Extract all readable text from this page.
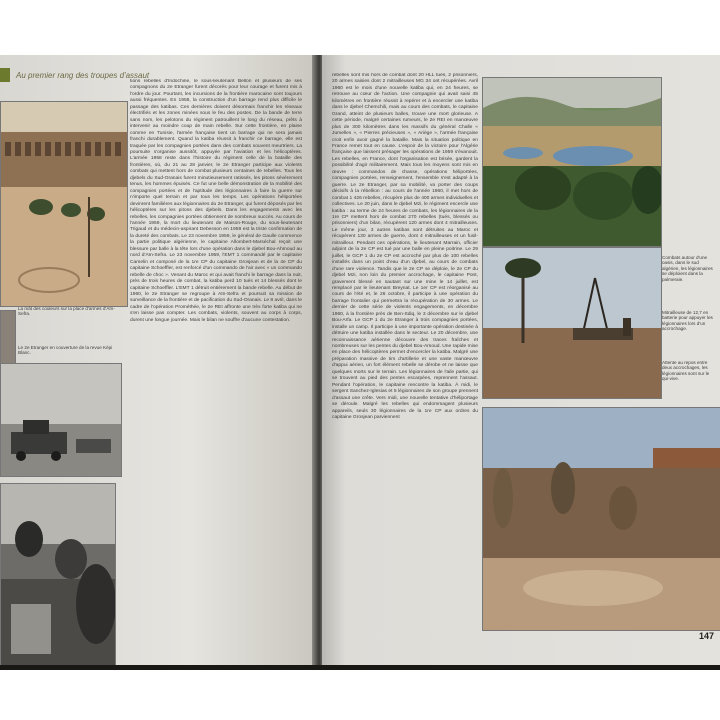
Au premier rang des troupes d'assaut
La mât des couleurs sur la place d'armes d'Aïn-Sefra.
Le 2e Etranger en couverture de la revue Képi Blanc.
tions rebelles d'Indochine, le sous-lieutenant Bellon et plusieurs de ses compagnons du 2e Etranger furent décorés pour leur courage et furent mis à l'ordre du jour. Pourtant, les incursions de la frontière marocaine sont toujours aussi fréquentes. En 1958, la construction d'un barrage rend plus difficile le passage des katibas. Ces dernières doivent désormais franchir les réseaux électrifiés et les zones minées sous le feu des postes. De la bande de terre sans nom, les pelotons du régiment patrouillent le long du réseau, prêts à intervenir au moindre coup de main rebelle. Sur cette frontière, en plaine comme en Tunisie, l'armée française tient un barrage qui ne sera jamais franchi durablement. Quand la katiba réussit à franchir ce barrage, elle est traquée par les compagnies portées dans des combats souvent meurtriers. La poursuite s'organise aussitôt, appuyée par l'aviation et les hélicoptères. L'armée 1958 reste dans l'histoire du régiment celle de la bataille des frontières, où, du 21 au 28 janvier, le 2e Etranger participe aux violents combats qui mettent hors de combat plusieurs centaines de rebelles. Tous les djebels du Sud-Oranais furent minutieusement ratissés, les pitons sévèrement tenus, les hommes épuisés. Ce fut une belle démonstration de la mobilité des compagnies portées et de l'aptitude des légionnaires à faire la guerre sur n'importe quel terrain et par tous les temps. Les opérations héliportées devinrent familières aux légionnaires du 2e Etranger, qui furent déposés par les hélicoptères sur les pitons des djebels. Dans les engagements avec les rebelles, les compagnies portées obtiennent de nombreux succès. Au cours de l'année 1959, la mort du lieutenant de Maison-Rouge, du sous-lieutenant Trigaud et du médecin-aspirant Debesson en 1959 est la triste confirmation de la dureté des combats. Le 23 novembre 1959, le général de Gaulle commence la partie politique algérienne, le capitaine Allombert-Marséchal reçoit une blessure par balle à la tête lors d'une opération dans le djebel Bou-Ahmoud au nord d'Aïn-Sefra. Le 23 novembre 1959, l'EMT 1 commandé par le capitaine Camelin et composé de la 1re CP du capitaine Grosjean et de la 4e CP du capitaine Schoeffler, est renforcé d'un commando de l'air avec « un commando rebelle de choc ». Venant du Maroc et qui avait franchi le barrage dans la nuit, près de trois heures de combat, la katiba perd 10 tués et 14 blessés dont le capitaine Schoeffler. L'EMT 1 détruit entièrement la bande rebelle. Au début de 1960, le 2e Etranger se regroupe à Aïn-Sefra et poursuit sa mission de surveillance de la frontière et de pacification du Sud-Oranais. Le 8 avril, dans le cadre de l'opération Prométhée, le 2e REI affronte une très forte katiba qui ne s'en laisse pas compter. Les combats, violents, souvent au corps à corps, durent une longue journée. Mais le bilan ne souffre d'aucune contestation.
rebelles sont mis hors de combat dont 20 HLL tués, 2 prisonniers, 20 armes saisies dont 2 mitrailleuses MG 34 ont récupérées. Avril 1960 est le mois d'une nouvelle katiba qui, en 24 heures, se retrouve au cœur de l'action. Une compagnie qui avait saisi 45 kilomètres en frontière réussit à repérer et à encercler une katiba dans le djebel Chemchili, mais au cours des combats, le capitaine Grand, atteint de plusieurs balles, trouve une mort glorieuse. A cette période, malgré certaines rumeurs, le 2e REI en manœuvre plus de 300 kilomètres dans les massifs du général Challe « Jumelles », « Pierres précieuses », « Ariège », l'armée française croit enfin avoir gagné la bataille. Mais la situation politique en France remet tout en cause. L'espoir de la victoire pour l'Algérie française que laissent présager les opérations de 1959 s'évanouit. Les rebelles, en France, dont l'organisation est brisée, gardent la possibilité d'agir militairement. Mais tous les moyens sont mis en œuvre : commandos de chasse, opérations héliportées, compagnies portées, renseignement, l'ensemble s'est adapté à la guerre. Le 2e Etranger, par sa mobilité, va porter des coups décisifs à la rébellion : au cours de l'année 1960, il met hors de combat 1 426 rebelles, récupère plus de 400 armes individuelles et collectives. Le 20 juin, dans le djebel Mzi, le régiment encercle une katiba : au terme de 24 heures de combats, les légionnaires de la 1re CP mettent hors de combat 270 rebelles (tués, blessés ou prisonniers) d'un bilan, récupèrent 120 armes dont 4 mitrailleuses. Le même jour, 3 autres katibas sont détruites au Maroc et récupèrent 130 armes de guerre, dont 4 mitrailleuses et un fusil-mitrailleur. Pendant ces opérations, le lieutenant Marrain, officier adjoint de la 2e CP est tué par une balle en pleine poitrine. Le 29 juillet, le GCP 1 du 2e CP est accroché par plus de 100 rebelles installés dans un point d'eau d'un djebel, au cours de combats d'une rare violence. Tandis que le 2e CP se déploie, le 2e CP du djebel Mzi, non loin du premier accrochage, le capitaine Pont, gravement blessé en sautant sur une mine le 14 juillet, est remplacé par le lieutenant Breynat. Le 1er CP est réorganisé au cours de l'été et, le 26 octobre, il participe à une opération du barrage frontalier qui permettra la récupération de 30 armes. Le dernier de cette série de violents engagements, en décembre 1960, à la frontière près de Ben-Sdiq, le 3 décembre sur le djebel Bou-Arfa. Le GCP 1 du 2e Etranger à trois compagnies portées, installe un camp. Il participe à une importante opération destinée à détruire une katiba installée dans le secteur. Le 20 décembre, une reconnaissance aérienne découvre des traces fraîches et nombreuses sur les pentes du djebel Bou-Amoud. Une rapide mise en place des hélicoptères permet d'encercler la katiba. Malgré une préparation massive de tirs d'artillerie et une vaste manœuvre d'appui aérien, un fort élément rebelle se dérobe et ne laisse que quelques morts sur le terrain. Les légionnaires de l'aile partie, qui se trouvent au pied des pentes escarpées, reprennent l'assaut. Pendant l'opération, le capitaine rencontre la katiba. À midi, le sergent Sanchez-Iglesias et 5 légionnaires de son groupe prennent d'assaut une crête. Vers midi, une nouvelle tentative d'héliportage se déroule. Malgré les rebelles qui endommagent plusieurs appareils, seuls 30 légionnaires de la 1re CP aux ordres du capitaine Grosjean parviennent
Combats autour d'une oasis, dans le sud algérien, les légionnaires se déploient dans la palmeraie.
Mitrailleuse de 12,7 en batterie pour appuyer les légionnaires lors d'un accrochage.
Attente au repos entre deux accrochages, les légionnaires sont sur le qui-vive.
147
